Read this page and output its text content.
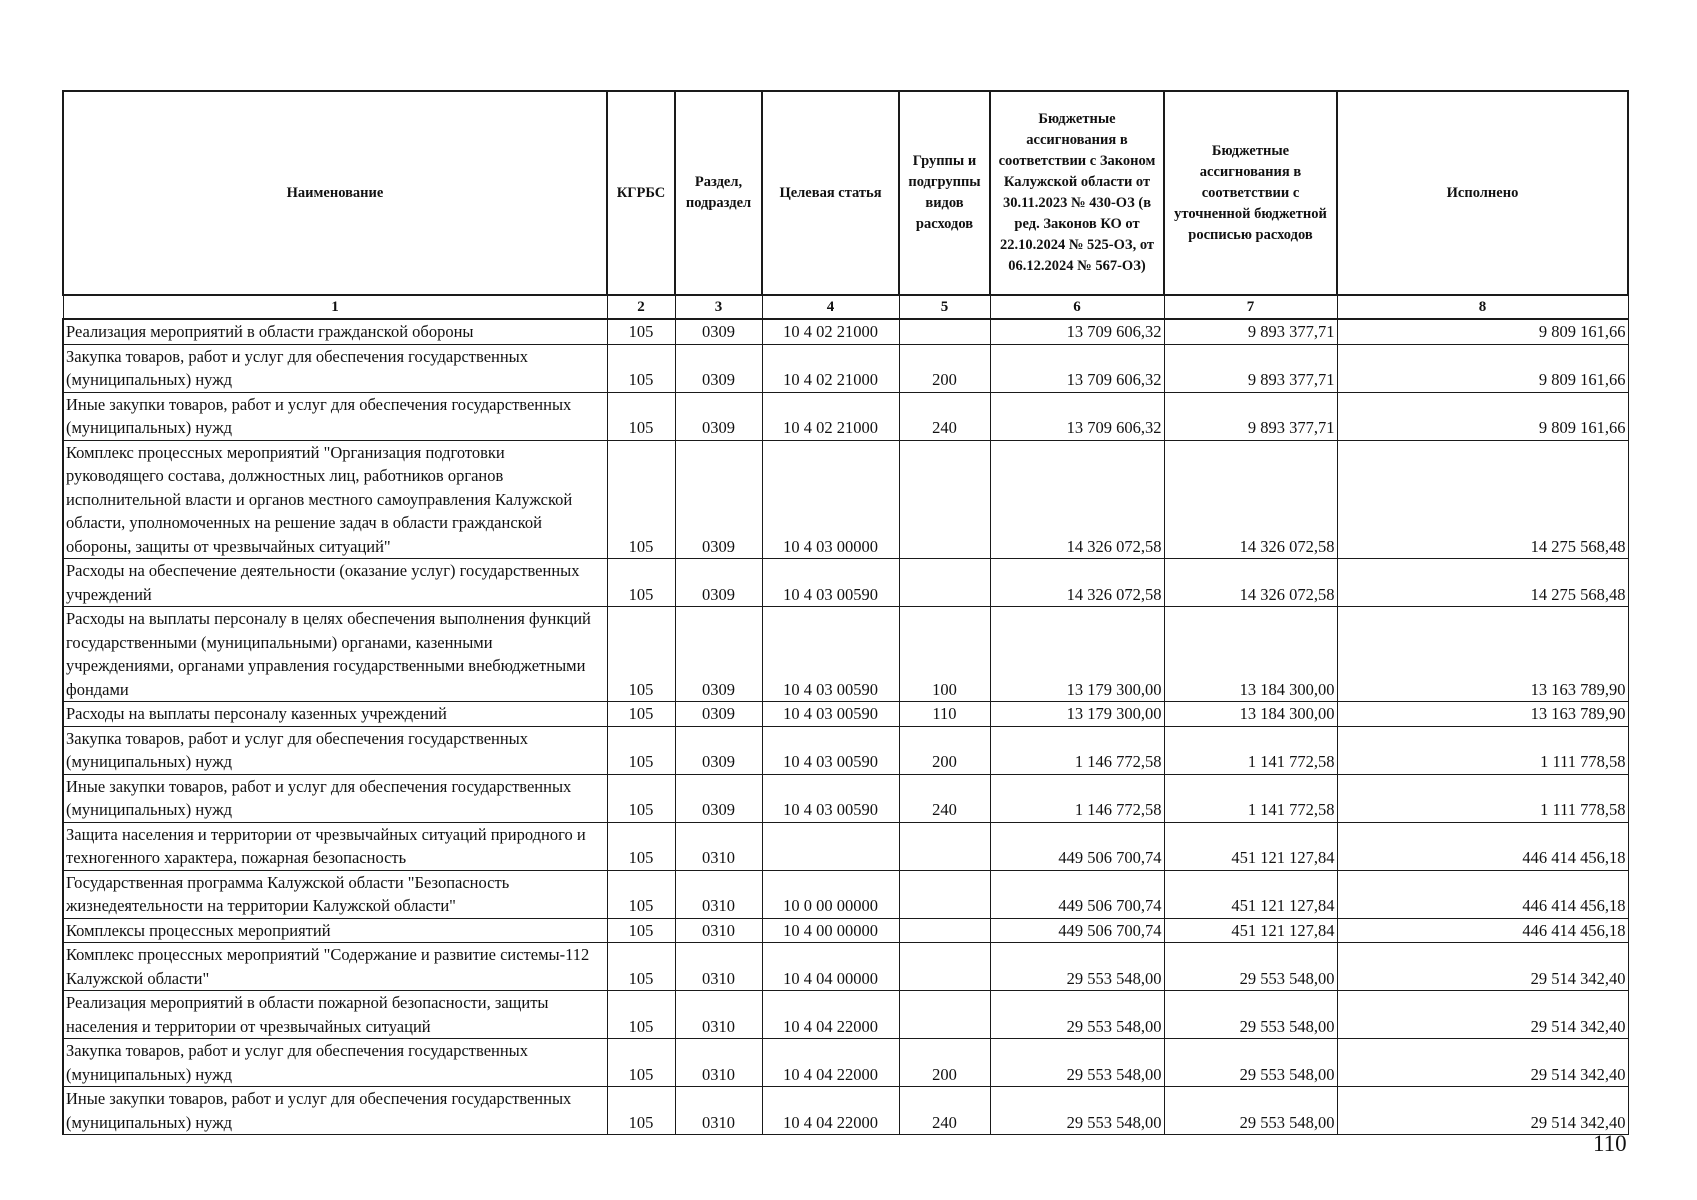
Наименование	КГРБС	Раздел, подраздел	Целевая статья	Группы и подгруппы видов расходов	Бюджетные ассигнования в соответствии с Законом Калужской области от 30.11.2023 № 430-ОЗ (в ред. Законов КО от 22.10.2024 № 525-ОЗ, от 06.12.2024 № 567-ОЗ)	Бюджетные ассигнования в соответствии с уточненной бюджетной росписью расходов	Исполнено
1	2	3	4	5	6	7	8
Реализация мероприятий в области гражданской обороны	105	0309	10 4 02 21000		13 709 606,32	9 893 377,71	9 809 161,66
Закупка товаров, работ и услуг для обеспечения государственных (муниципальных) нужд	105	0309	10 4 02 21000	200	13 709 606,32	9 893 377,71	9 809 161,66
Иные закупки товаров, работ и услуг для обеспечения государственных (муниципальных) нужд	105	0309	10 4 02 21000	240	13 709 606,32	9 893 377,71	9 809 161,66
Комплекс процессных мероприятий "Организация подготовки руководящего состава, должностных лиц, работников органов исполнительной власти и органов местного самоуправления Калужской области, уполномоченных на решение задач в области гражданской обороны, защиты от чрезвычайных ситуаций"	105	0309	10 4 03 00000		14 326 072,58	14 326 072,58	14 275 568,48
Расходы на обеспечение деятельности (оказание услуг) государственных учреждений	105	0309	10 4 03 00590		14 326 072,58	14 326 072,58	14 275 568,48
Расходы на выплаты персоналу в целях обеспечения выполнения функций государственными (муниципальными) органами, казенными учреждениями, органами управления государственными внебюджетными фондами	105	0309	10 4 03 00590	100	13 179 300,00	13 184 300,00	13 163 789,90
Расходы на выплаты персоналу казенных учреждений	105	0309	10 4 03 00590	110	13 179 300,00	13 184 300,00	13 163 789,90
Закупка товаров, работ и услуг для обеспечения государственных (муниципальных) нужд	105	0309	10 4 03 00590	200	1 146 772,58	1 141 772,58	1 111 778,58
Иные закупки товаров, работ и услуг для обеспечения государственных (муниципальных) нужд	105	0309	10 4 03 00590	240	1 146 772,58	1 141 772,58	1 111 778,58
Защита населения и территории от чрезвычайных ситуаций природного и техногенного характера, пожарная безопасность	105	0310			449 506 700,74	451 121 127,84	446 414 456,18
Государственная программа Калужской области "Безопасность жизнедеятельности на территории Калужской области"	105	0310	10 0 00 00000		449 506 700,74	451 121 127,84	446 414 456,18
Комплексы процессных мероприятий	105	0310	10 4 00 00000		449 506 700,74	451 121 127,84	446 414 456,18
Комплекс процессных мероприятий "Содержание и развитие системы-112 Калужской области"	105	0310	10 4 04 00000		29 553 548,00	29 553 548,00	29 514 342,40
Реализация мероприятий в области пожарной безопасности, защиты населения и территории от чрезвычайных ситуаций	105	0310	10 4 04 22000		29 553 548,00	29 553 548,00	29 514 342,40
Закупка товаров, работ и услуг для обеспечения государственных (муниципальных) нужд	105	0310	10 4 04 22000	200	29 553 548,00	29 553 548,00	29 514 342,40
Иные закупки товаров, работ и услуг для обеспечения государственных (муниципальных) нужд	105	0310	10 4 04 22000	240	29 553 548,00	29 553 548,00	29 514 342,40
110
